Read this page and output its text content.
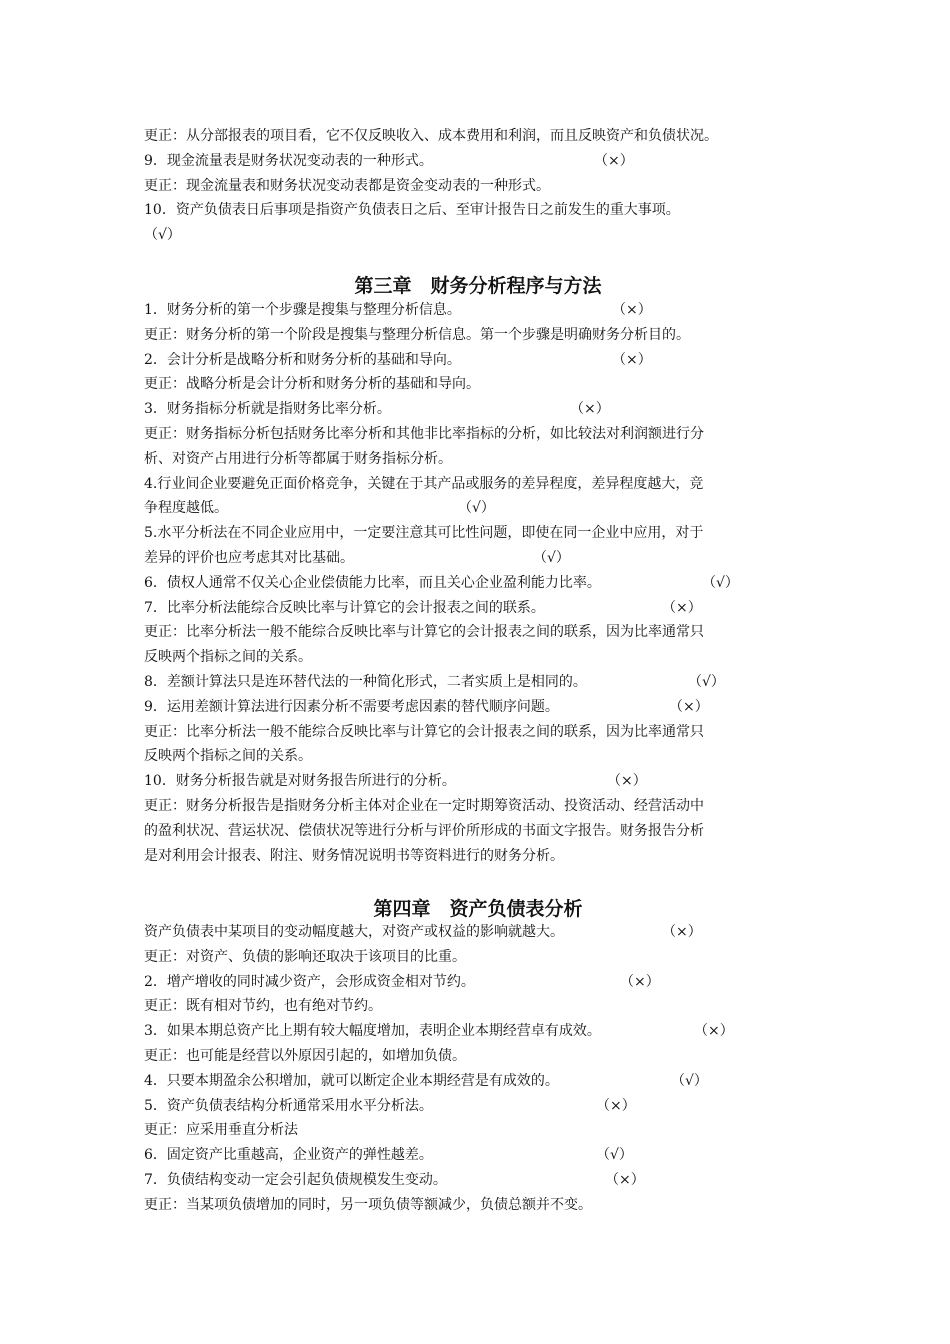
更正：从分部报表的项目看，它不仅反映收入、成本费用和利润，而且反映资产和负债状况。
9．现金流量表是财务状况变动表的一种形式。	（×）
更正：现金流量表和财务状况变动表都是资金变动表的一种形式。
10．资产负债表日后事项是指资产负债表日之后、至审计报告日之前发生的重大事项。
（√）
第三章　财务分析程序与方法
1．财务分析的第一个步骤是搜集与整理分析信息。	（×）
更正：财务分析的第一个阶段是搜集与整理分析信息。第一个步骤是明确财务分析目的。
2．会计分析是战略分析和财务分析的基础和导向。	（×）
更正：战略分析是会计分析和财务分析的基础和导向。
3．财务指标分析就是指财务比率分析。	（×）
更正：财务指标分析包括财务比率分析和其他非比率指标的分析，如比较法对利润额进行分
析、对资产占用进行分析等都属于财务指标分析。
4.行业间企业要避免正面价格竞争，关键在于其产品或服务的差异程度，差异程度越大，竞
争程度越低。	（√）
5.水平分析法在不同企业应用中，一定要注意其可比性问题，即使在同一企业中应用，对于
差异的评价也应考虑其对比基础。	（√）
6．债权人通常不仅关心企业偿债能力比率，而且关心企业盈利能力比率。	（√）
7．比率分析法能综合反映比率与计算它的会计报表之间的联系。	（×）
更正：比率分析法一般不能综合反映比率与计算它的会计报表之间的联系，因为比率通常只
反映两个指标之间的关系。
8．差额计算法只是连环替代法的一种简化形式，二者实质上是相同的。	（√）
9．运用差额计算法进行因素分析不需要考虑因素的替代顺序问题。	（×）
更正：比率分析法一般不能综合反映比率与计算它的会计报表之间的联系，因为比率通常只
反映两个指标之间的关系。
10．财务分析报告就是对财务报告所进行的分析。	（×）
更正：财务分析报告是指财务分析主体对企业在一定时期筹资活动、投资活动、经营活动中
的盈利状况、营运状况、偿债状况等进行分析与评价所形成的书面文字报告。财务报告分析
是对利用会计报表、附注、财务情况说明书等资料进行的财务分析。
第四章　资产负债表分析
资产负债表中某项目的变动幅度越大，对资产或权益的影响就越大。	（×）
更正：对资产、负债的影响还取决于该项目的比重。
2．增产增收的同时减少资产，会形成资金相对节约。	（×）
更正：既有相对节约，也有绝对节约。
3．如果本期总资产比上期有较大幅度增加，表明企业本期经营卓有成效。	（×）
更正：也可能是经营以外原因引起的，如增加负债。
4．只要本期盈余公积增加，就可以断定企业本期经营是有成效的。	（√）
5．资产负债表结构分析通常采用水平分析法。	（×）
更正：应采用垂直分析法
6．固定资产比重越高，企业资产的弹性越差。	（√）
7．负债结构变动一定会引起负债规模发生变动。	（×）
更正：当某项负债增加的同时，另一项负债等额减少，负债总额并不变。
